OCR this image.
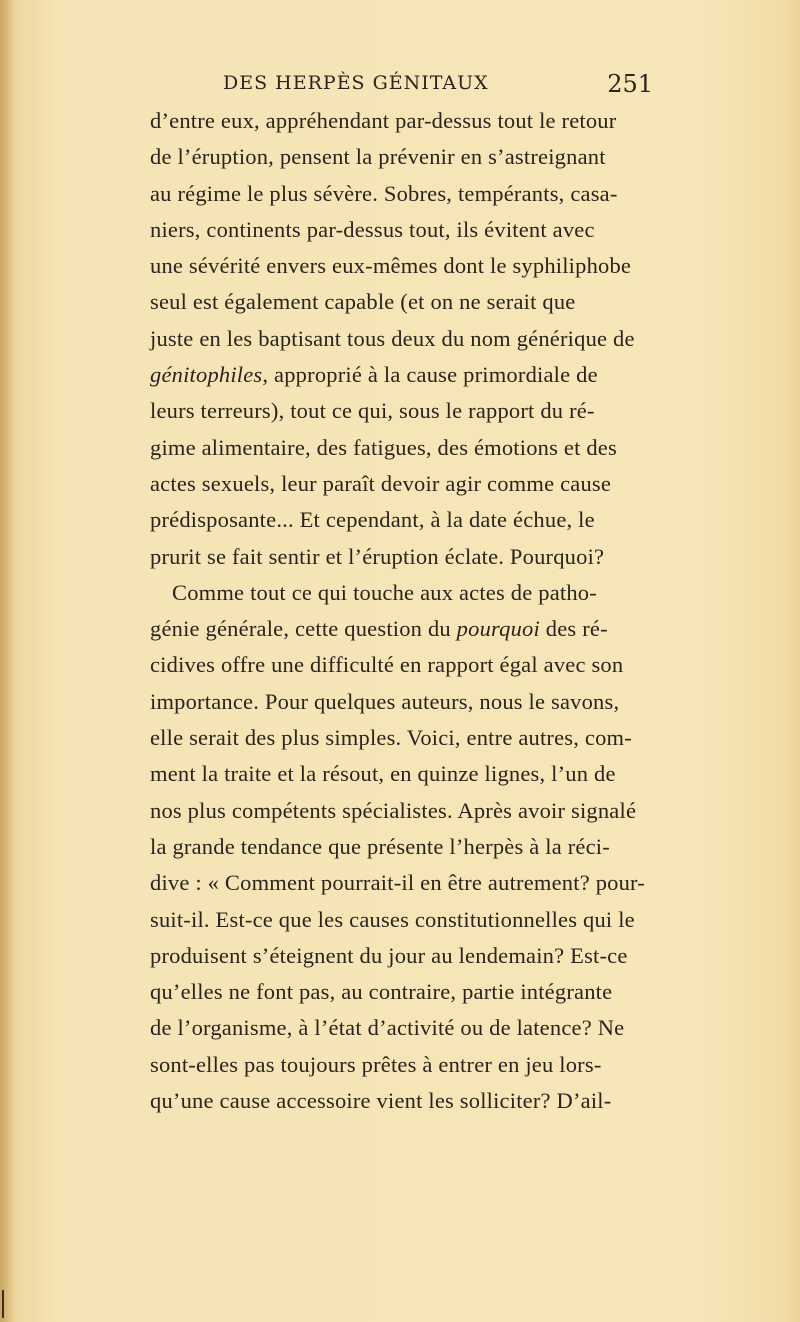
DES HERPÈS GÉNITAUX	251
d’entre eux, appréhendant par-dessus tout le retour
de l’éruption, pensent la prévenir en s’astreignant
au régime le plus sévère. Sobres, tempérants, casa-
niers, continents par-dessus tout, ils évitent avec
une sévérité envers eux-mêmes dont le syphiliphobe
seul est également capable (et on ne serait que
juste en les baptisant tous deux du nom générique de
génitophiles, approprié à la cause primordiale de
leurs terreurs), tout ce qui, sous le rapport du ré-
gime alimentaire, des fatigues, des émotions et des
actes sexuels, leur paraît devoir agir comme cause
prédisposante... Et cependant, à la date échue, le
prurit se fait sentir et l’éruption éclate. Pourquoi?
Comme tout ce qui touche aux actes de patho-
génie générale, cette question du pourquoi des ré-
cidives offre une difficulté en rapport égal avec son
importance. Pour quelques auteurs, nous le savons,
elle serait des plus simples. Voici, entre autres, com-
ment la traite et la résout, en quinze lignes, l’un de
nos plus compétents spécialistes. Après avoir signalé
la grande tendance que présente l’herpès à la réci-
dive : « Comment pourrait-il en être autrement? pour-
suit-il. Est-ce que les causes constitutionnelles qui le
produisent s’éteignent du jour au lendemain? Est-ce
qu’elles ne font pas, au contraire, partie intégrante
de l’organisme, à l’état d’activité ou de latence? Ne
sont-elles pas toujours prêtes à entrer en jeu lors-
qu’une cause accessoire vient les solliciter? D’ail-
